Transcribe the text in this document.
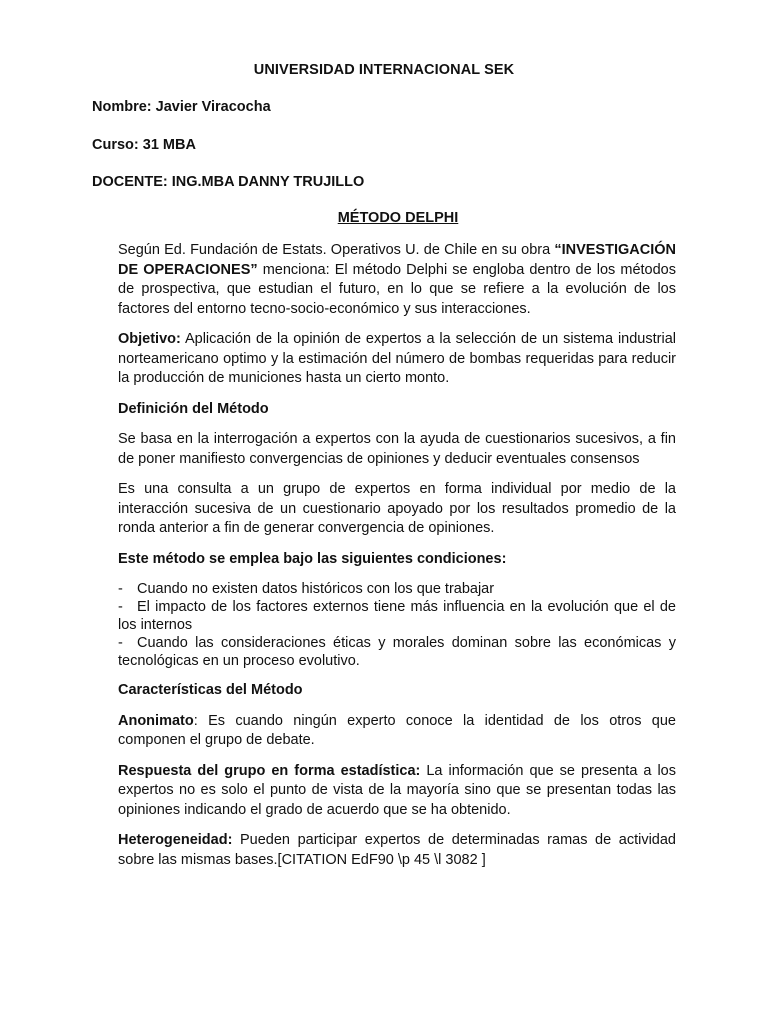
UNIVERSIDAD INTERNACIONAL SEK
Nombre: Javier Viracocha
Curso: 31 MBA
DOCENTE: ING.MBA DANNY TRUJILLO
MÉTODO DELPHI

Según Ed. Fundación de Estats. Operativos U. de Chile en su obra “INVESTIGACIÓN DE OPERACIONES” menciona: El método Delphi se engloba dentro de los métodos de prospectiva, que estudian el futuro, en lo que se refiere a la evolución de los factores del entorno tecno-socio-económico y sus interacciones.

Objetivo: Aplicación de la opinión de expertos a la selección de un sistema industrial norteamericano optimo y la estimación del número de bombas requeridas para reducir la producción de municiones hasta un cierto monto.

Definición del Método

Se basa en la interrogación a expertos con la ayuda de cuestionarios sucesivos, a fin de poner manifiesto convergencias de opiniones y deducir eventuales consensos

Es una consulta a un grupo de expertos en forma individual por medio de la interacción sucesiva de un cuestionario apoyado por los resultados promedio de la ronda anterior a fin de generar convergencia de opiniones.

Este método se emplea bajo las siguientes condiciones:

- Cuando no existen datos históricos con los que trabajar
- El impacto de los factores externos tiene más influencia en la evolución que el de los internos
- Cuando las consideraciones éticas y morales dominan sobre las económicas y tecnológicas en un proceso evolutivo.

Características del Método

Anonimato: Es cuando ningún experto conoce la identidad de los otros que componen el grupo de debate.

Respuesta del grupo en forma estadística: La información que se presenta a los expertos no es solo el punto de vista de la mayoría sino que se presentan todas las opiniones indicando el grado de acuerdo que se ha obtenido.

Heterogeneidad: Pueden participar expertos de determinadas ramas de actividad sobre las mismas bases.[CITATION EdF90 \p 45 \l 3082 ]
